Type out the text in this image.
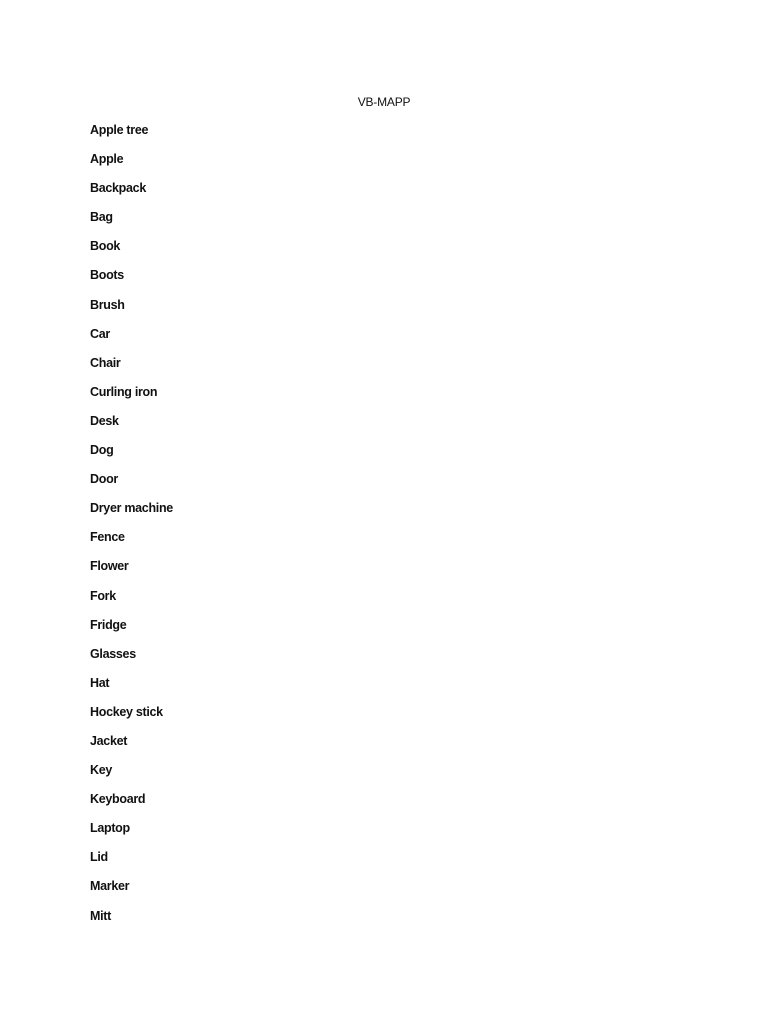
VB-MAPP
Apple tree
Apple
Backpack
Bag
Book
Boots
Brush
Car
Chair
Curling iron
Desk
Dog
Door
Dryer machine
Fence
Flower
Fork
Fridge
Glasses
Hat
Hockey stick
Jacket
Key
Keyboard
Laptop
Lid
Marker
Mitt
